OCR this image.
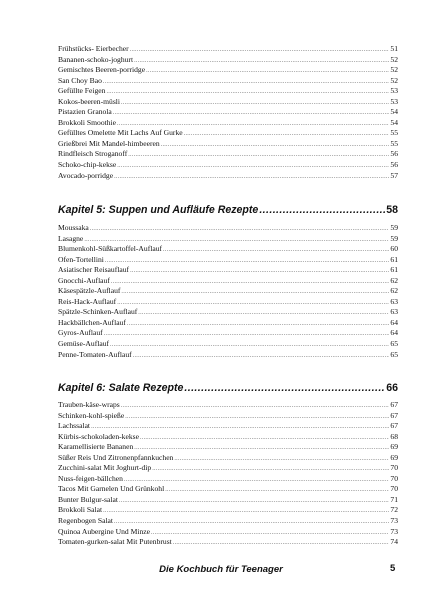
Frühstücks- Eierbecher .....	51
Bananen-schoko-joghurt .....	52
Gemischtes Beeren-porridge .....	52
San Choy Bao .....	52
Gefüllte Feigen .....	53
Kokos-beeren-müsli .....	53
Pistazien Granola .....	54
Brokkoli Smoothie .....	54
Gefülltes Omelette Mit Lachs Auf Gurke .....	55
Grießbrei Mit Mandel-himbeeren .....	55
Rindfleisch Stroganoff .....	56
Schoko-chip-kekse .....	56
Avocado-porridge .....	57
Kapitel 5: Suppen und Aufläufe Rezepte .....	58
Moussaka .....	59
Lasagne .....	59
Blumenkohl-Süßkartoffel-Auflauf .....	60
Ofen-Tortellini .....	61
Asiatischer Reisauflauf .....	61
Gnocchi-Auflauf .....	62
Käsespätzle-Auflauf .....	62
Reis-Hack-Auflauf .....	63
Spätzle-Schinken-Auflauf .....	63
Hackbällchen-Auflauf .....	64
Gyros-Auflauf .....	64
Gemüse-Auflauf .....	65
Penne-Tomaten-Auflauf .....	65
Kapitel 6: Salate Rezepte .....	66
Trauben-käse-wraps .....	67
Schinken-kohl-spieße .....	67
Lachssalat .....	67
Kürbis-schokoladen-kekse .....	68
Karamellisierte Bananen .....	69
Süßer Reis Und Zitronenpfannkuchen .....	69
Zucchini-salat Mit Joghurt-dip .....	70
Nuss-feigen-bällchen .....	70
Tacos Mit Garnelen Und Grünkohl .....	70
Bunter Bulgur-salat .....	71
Brokkoli Salat .....	72
Regenbogen Salat .....	73
Quinoa Aubergine Und Minze .....	73
Tomaten-gurken-salat Mit Putenbrust .....	74
Die Kochbuch für Teenager	5
